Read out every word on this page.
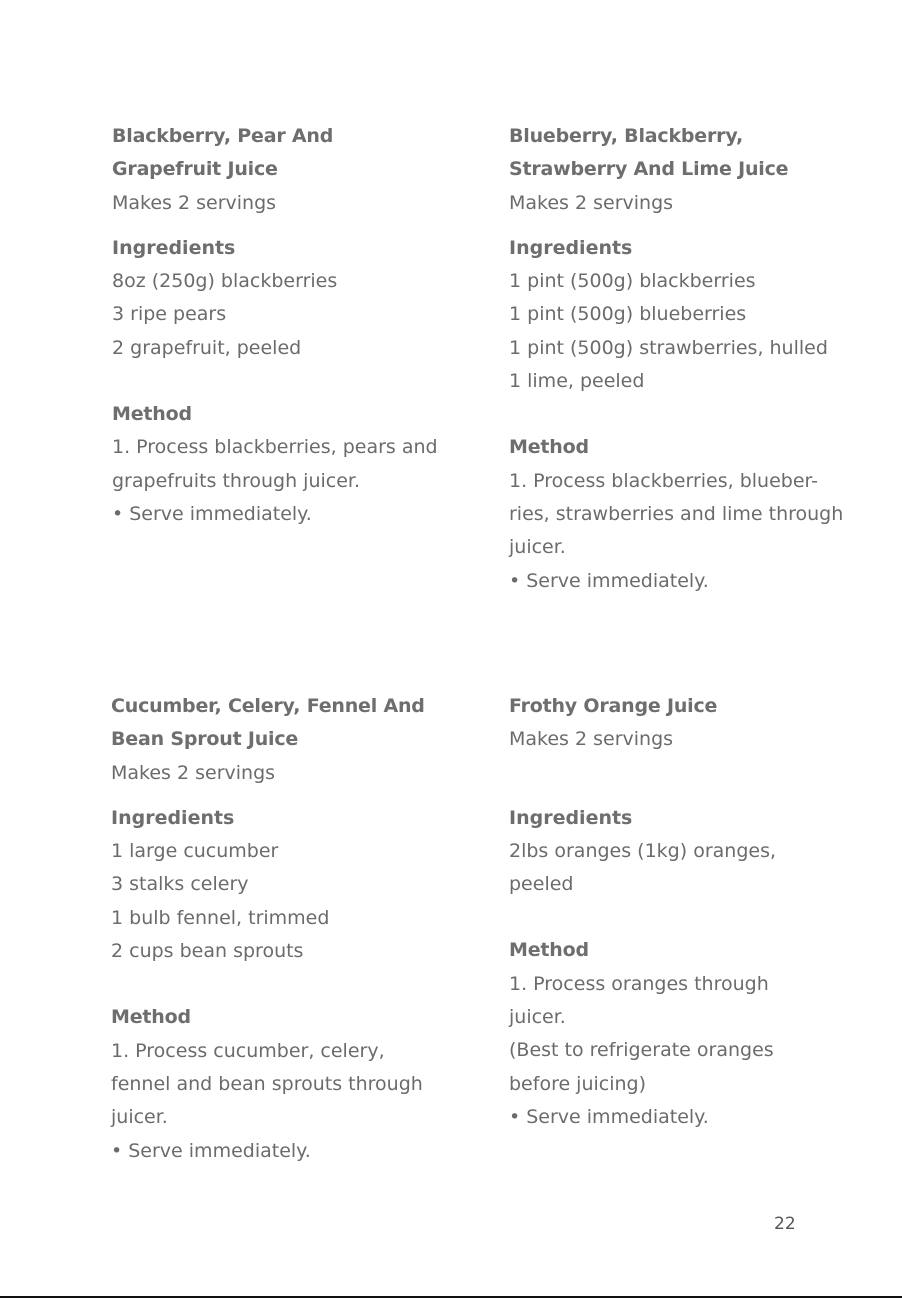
Blackberry, Pear And

Grapefruit Juice

Makes 2 servings

Ingredients

8oz (250g) blackberries

3 ripe pears

2 grapefruit, peeled

Method

1. Process blackberries, pears and

grapefruits through juicer.

• Serve immediately.

Blueberry, Blackberry,

Strawberry And Lime Juice

Makes 2 servings

Ingredients

1 pint (500g) blackberries

1 pint (500g) blueberries

1 pint (500g) strawberries, hulled

1 lime, peeled

Method

1. Process blackberries, blueber-

ries, strawberries and lime through

juicer.

• Serve immediately.

Cucumber, Celery, Fennel And

Bean Sprout Juice

Makes 2 servings

Ingredients

1 large cucumber

3 stalks celery

1 bulb fennel, trimmed

2 cups bean sprouts

Method

1. Process cucumber, celery,

fennel and bean sprouts through

juicer.

• Serve immediately.

Frothy Orange Juice

Makes 2 servings

Ingredients

2lbs oranges (1kg) oranges,

peeled

Method

1. Process oranges through

juicer.

(Best to refrigerate oranges

before juicing)

• Serve immediately.

22
